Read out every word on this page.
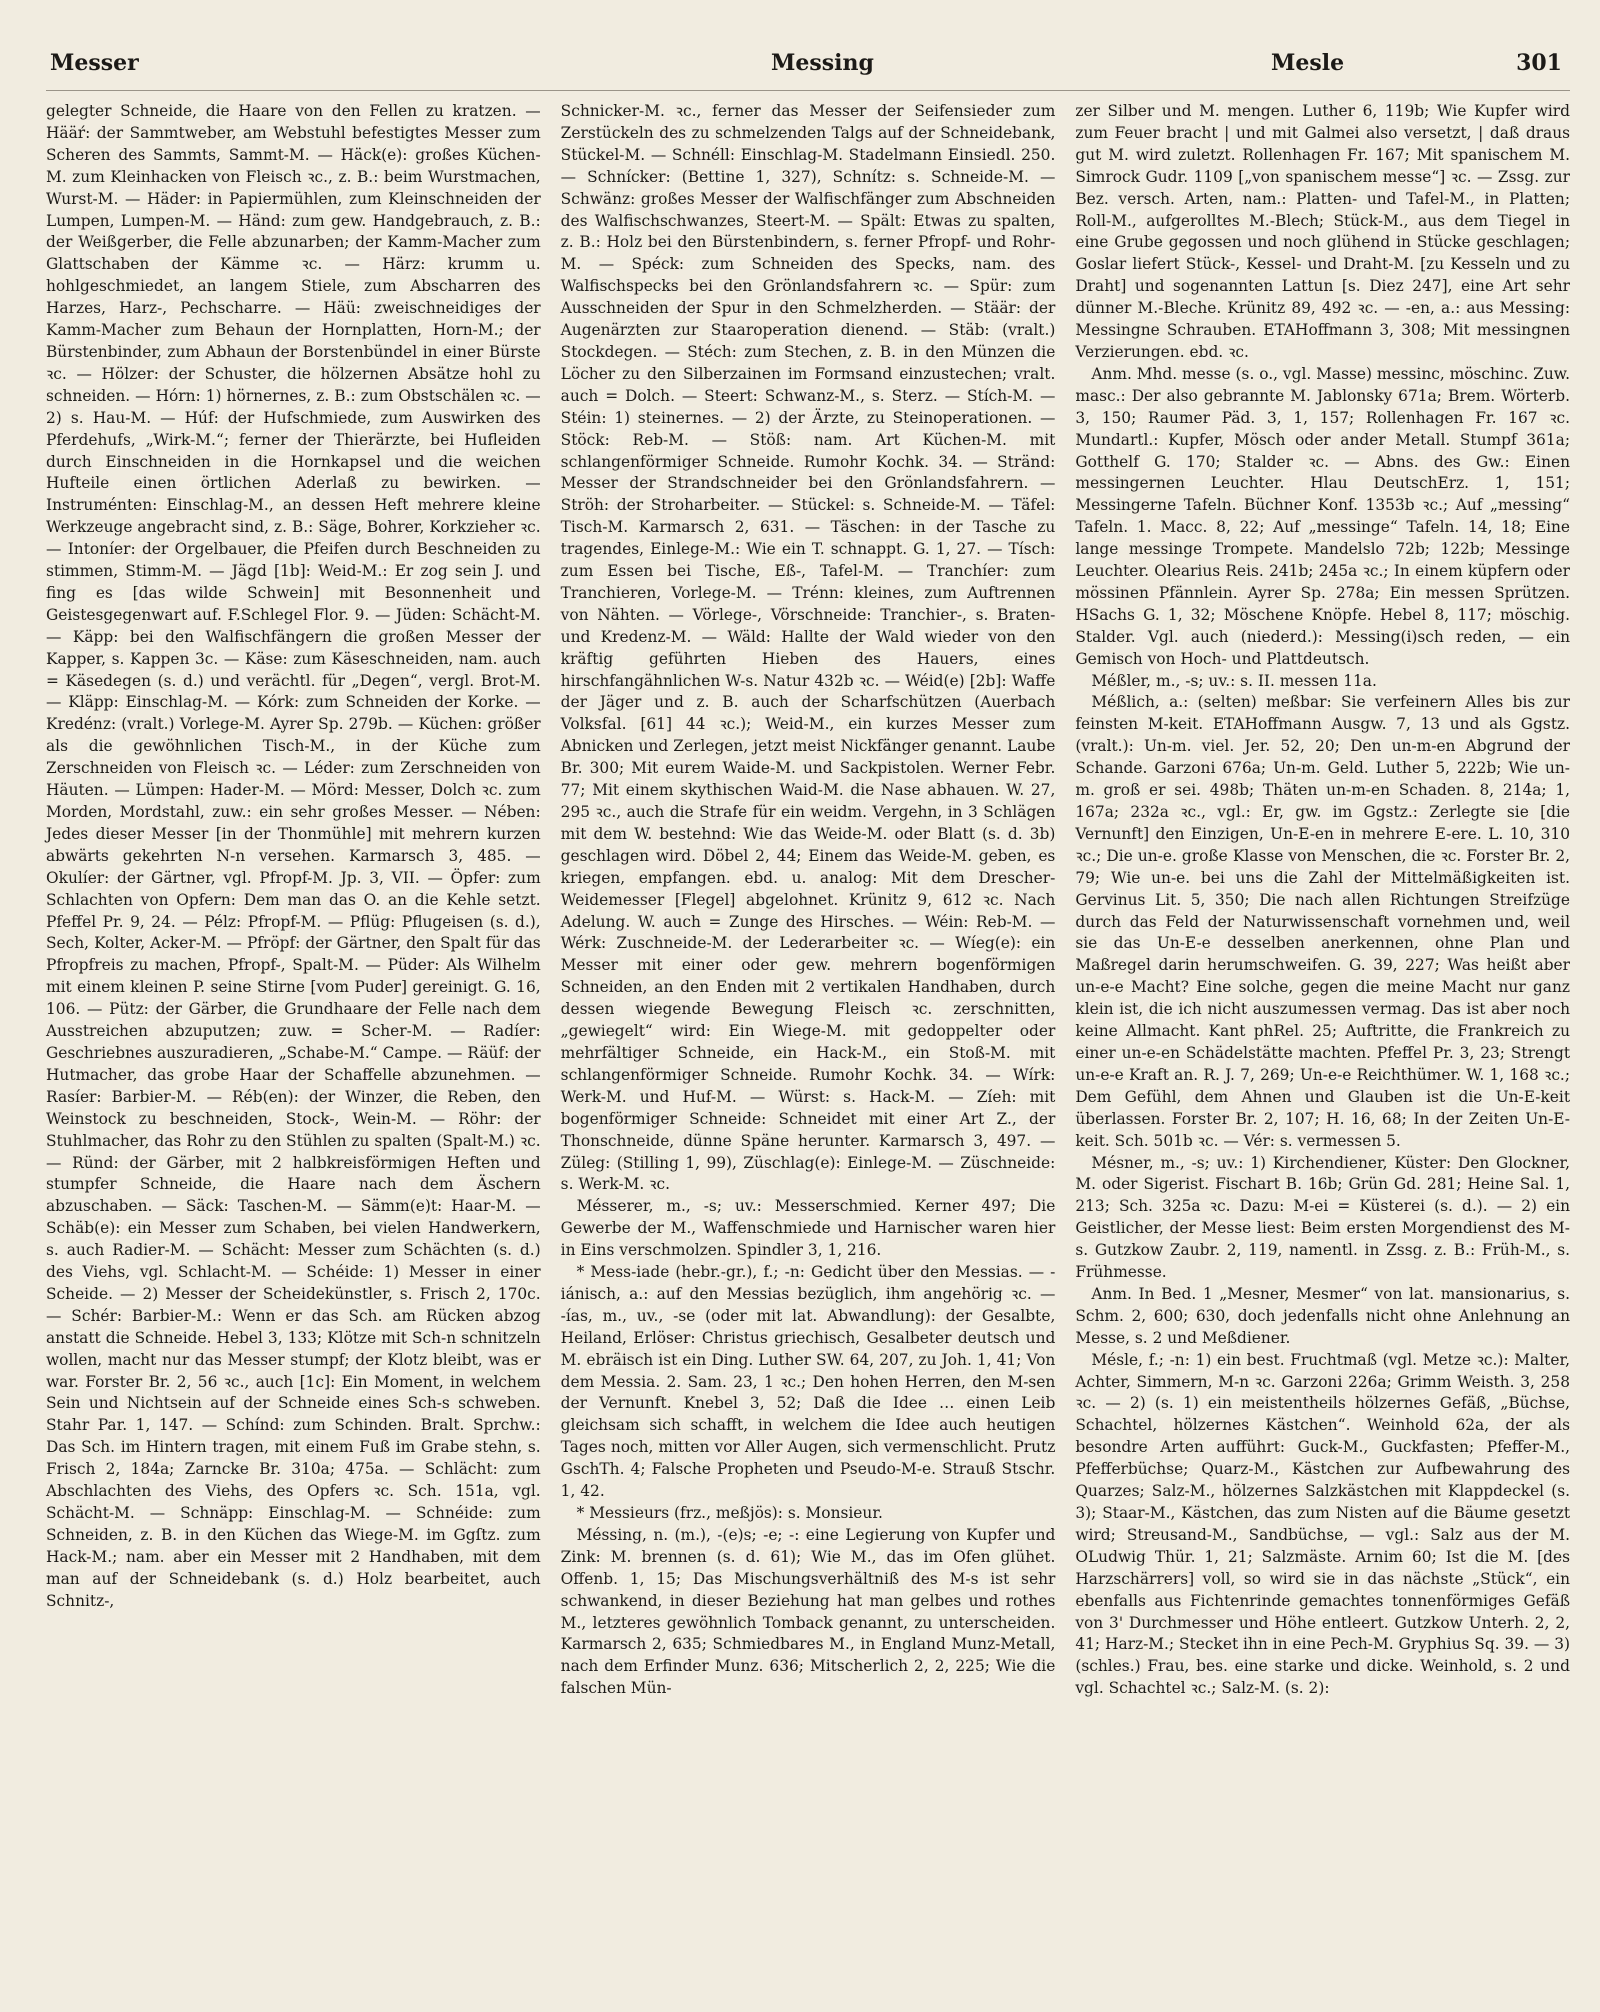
Messer	Messing	Mesle	301

gelegter Schneide, die Haare von den Fellen zu kratzen. — Hääŕ: der Sammtweber, am Webstuhl befestigtes Messer zum Scheren des Sammts, Sammt-M. — Häck(e): großes Küchen-M. zum Kleinhacken von Fleisch ꝛc., z. B.: beim Wurstmachen, Wurst-M. — Häder: in Papiermühlen, zum Kleinschneiden der Lumpen, Lumpen-M. — Händ: zum gew. Handgebrauch, z. B.: der Weißgerber, die Felle abzunarben; der Kamm-Macher zum Glattschaben der Kämme ꝛc. — Härz: krumm u. hohlgeschmiedet, an langem Stiele, zum Abscharren des Harzes, Harz-, Pechscharre. — Häü: zweischneidiges der Kamm-Macher zum Behaun der Hornplatten, Horn-M.; der Bürstenbinder, zum Abhaun der Borstenbündel in einer Bürste ꝛc. — Hölzer: der Schuster, die hölzernen Absätze hohl zu schneiden. — Hórn: 1) hörnernes, z. B.: zum Obstschälen ꝛc. — 2) s. Hau-M. — Húf: der Hufschmiede, zum Auswirken des Pferdehufs, „Wirk-M.“; ferner der Thierärzte, bei Hufleiden durch Einschneiden in die Hornkapsel und die weichen Hufteile einen örtlichen Aderlaß zu bewirken. — Instruménten: Einschlag-M., an dessen Heft mehrere kleine Werkzeuge angebracht sind, z. B.: Säge, Bohrer, Korkzieher ꝛc. — Intoníer: der Orgelbauer, die Pfeifen durch Beschneiden zu stimmen, Stimm-M. — Jägd [1b]: Weid-M.: Er zog sein J. und fing es [das wilde Schwein] mit Besonnenheit und Geistesgegenwart auf. F.Schlegel Flor. 9. — Jüden: Schächt-M. — Käpp: bei den Walfischfängern die großen Messer der Kapper, s. Kappen 3c. — Käse: zum Käseschneiden, nam. auch = Käsedegen (s. d.) und verächtl. für „Degen“, vergl. Brot-M. — Kläpp: Einschlag-M. — Kórk: zum Schneiden der Korke. — Kredénz: (vralt.) Vorlege-M. Ayrer Sp. 279b. — Küchen: größer als die gewöhnlichen Tisch-M., in der Küche zum Zerschneiden von Fleisch ꝛc. — Léder: zum Zerschneiden von Häuten. — Lümpen: Hader-M. — Mörd: Messer, Dolch ꝛc. zum Morden, Mordstahl, zuw.: ein sehr großes Messer. — Nében: Jedes dieser Messer [in der Thonmühle] mit mehrern kurzen abwärts gekehrten N-n versehen. Karmarsch 3, 485. — Okulíer: der Gärtner, vgl. Pfropf-M. Jp. 3, VII. — Öpfer: zum Schlachten von Opfern: Dem man das O. an die Kehle setzt. Pfeffel Pr. 9, 24. — Pélz: Pfropf-M. — Pflüg: Pflugeisen (s. d.), Sech, Kolter, Acker-M. — Pfröpf: der Gärtner, den Spalt für das Pfropfreis zu machen, Pfropf-, Spalt-M. — Püder: Als Wilhelm mit einem kleinen P. seine Stirne [vom Puder] gereinigt. G. 16, 106. — Pütz: der Gärber, die Grundhaare der Felle nach dem Ausstreichen abzuputzen; zuw. = Scher-M. — Radíer: Geschriebnes auszuradieren, „Schabe-M.“ Campe. — Räüf: der Hutmacher, das grobe Haar der Schaffelle abzunehmen. — Rasíer: Barbier-M. — Réb(en): der Winzer, die Reben, den Weinstock zu beschneiden, Stock-, Wein-M. — Röhr: der Stuhlmacher, das Rohr zu den Stühlen zu spalten (Spalt-M.) ꝛc. — Ründ: der Gärber, mit 2 halbkreisförmigen Heften und stumpfer Schneide, die Haare nach dem Äschern abzuschaben. — Säck: Taschen-M. — Sämm(e)t: Haar-M. — Schäb(e): ein Messer zum Schaben, bei vielen Handwerkern, s. auch Radier-M. — Schächt: Messer zum Schächten (s. d.) des Viehs, vgl. Schlacht-M. — Schéide: 1) Messer in einer Scheide. — 2) Messer der Scheidekünstler, s. Frisch 2, 170c. — Schér: Barbier-M.: Wenn er das Sch. am Rücken abzog anstatt die Schneide. Hebel 3, 133; Klötze mit Sch-n schnitzeln wollen, macht nur das Messer stumpf; der Klotz bleibt, was er war. Forster Br. 2, 56 ꝛc., auch [1c]: Ein Moment, in welchem Sein und Nichtsein auf der Schneide eines Sch-s schweben. Stahr Par. 1, 147. — Schínd: zum Schinden. Bralt. Sprchw.: Das Sch. im Hintern tragen, mit einem Fuß im Grabe stehn, s. Frisch 2, 184a; Zarncke Br. 310a; 475a. — Schlächt: zum Abschlachten des Viehs, des Opfers ꝛc. Sch. 151a, vgl. Schächt-M. — Schnäpp: Einschlag-M. — Schnéide: zum Schneiden, z. B. in den Küchen das Wiege-M. im Ggſtz. zum Hack-M.; nam. aber ein Messer mit 2 Handhaben, mit dem man auf der Schneidebank (s. d.) Holz bearbeitet, auch Schnitz-,

Schnicker-M. ꝛc., ferner das Messer der Seifensieder zum Zerstückeln des zu schmelzenden Talgs auf der Schneidebank, Stückel-M. — Schnéll: Einschlag-M. Stadelmann Einsiedl. 250. — Schnícker: (Bettine 1, 327), Schnítz: s. Schneide-M. — Schwänz: großes Messer der Walfischfänger zum Abschneiden des Walfischschwanzes, Steert-M. — Spält: Etwas zu spalten, z. B.: Holz bei den Bürstenbindern, s. ferner Pfropf- und Rohr-M. — Spéck: zum Schneiden des Specks, nam. des Walfischspecks bei den Grönlandsfahrern ꝛc. — Spür: zum Ausschneiden der Spur in den Schmelzherden. — Stäär: der Augenärzten zur Staaroperation dienend. — Stäb: (vralt.) Stockdegen. — Stéch: zum Stechen, z. B. in den Münzen die Löcher zu den Silberzainen im Formsand einzustechen; vralt. auch = Dolch. — Steert: Schwanz-M., s. Sterz. — Stích-M. — Stéin: 1) steinernes. — 2) der Ärzte, zu Steinoperationen. — Stöck: Reb-M. — Stöß: nam. Art Küchen-M. mit schlangenförmiger Schneide. Rumohr Kochk. 34. — Stränd: Messer der Strandschneider bei den Grönlandsfahrern. — Ströh: der Stroharbeiter. — Stückel: s. Schneide-M. — Täfel: Tisch-M. Karmarsch 2, 631. — Täschen: in der Tasche zu tragendes, Einlege-M.: Wie ein T. schnappt. G. 1, 27. — Tísch: zum Essen bei Tische, Eß-, Tafel-M. — Tranchíer: zum Tranchieren, Vorlege-M. — Trénn: kleines, zum Auftrennen von Nähten. — Vörlege-, Vörschneide: Tranchier-, s. Braten- und Kredenz-M. — Wäld: Hallte der Wald wieder von den kräftig geführten Hieben des Hauers, eines hirschfangähnlichen W-s. Natur 432b ꝛc. — Wéid(e) [2b]: Waffe der Jäger und z. B. auch der Scharfschützen (Auerbach Volksfal. [61] 44 ꝛc.); Weid-M., ein kurzes Messer zum Abnicken und Zerlegen, jetzt meist Nickfänger genannt. Laube Br. 300; Mit eurem Waide-M. und Sackpistolen. Werner Febr. 77; Mit einem skythischen Waid-M. die Nase abhauen. W. 27, 295 ꝛc., auch die Strafe für ein weidm. Vergehn, in 3 Schlägen mit dem W. bestehnd: Wie das Weide-M. oder Blatt (s. d. 3b) geschlagen wird. Döbel 2, 44; Einem das Weide-M. geben, es kriegen, empfangen. ebd. u. analog: Mit dem Drescher-Weidemesser [Flegel] abgelohnet. Krünitz 9, 612 ꝛc. Nach Adelung. W. auch = Zunge des Hirsches. — Wéin: Reb-M. — Wérk: Zuschneide-M. der Lederarbeiter ꝛc. — Wíeg(e): ein Messer mit einer oder gew. mehrern bogenförmigen Schneiden, an den Enden mit 2 vertikalen Handhaben, durch dessen wiegende Bewegung Fleisch ꝛc. zerschnitten, „gewiegelt“ wird: Ein Wiege-M. mit gedoppelter oder mehrfältiger Schneide, ein Hack-M., ein Stoß-M. mit schlangenförmiger Schneide. Rumohr Kochk. 34. — Wírk: Werk-M. und Huf-M. — Würst: s. Hack-M. — Zíeh: mit bogenförmiger Schneide: Schneidet mit einer Art Z., der Thonschneide, dünne Späne herunter. Karmarsch 3, 497. — Züleg: (Stilling 1, 99), Züschlag(e): Einlege-M. — Züschneide: s. Werk-M. ꝛc.

Mésserer, m., -s; uv.: Messerschmied. Kerner 497; Die Gewerbe der M., Waffenschmiede und Harnischer waren hier in Eins verschmolzen. Spindler 3, 1, 216.

* Mess-iade (hebr.-gr.), f.; -n: Gedicht über den Messias. — -iánisch, a.: auf den Messias bezüglich, ihm angehörig ꝛc. — -ías, m., uv., -se (oder mit lat. Abwandlung): der Gesalbte, Heiland, Erlöser: Christus griechisch, Gesalbeter deutsch und M. ebräisch ist ein Ding. Luther SW. 64, 207, zu Joh. 1, 41; Von dem Messia. 2. Sam. 23, 1 ꝛc.; Den hohen Herren, den M-sen der Vernunft. Knebel 3, 52; Daß die Idee … einen Leib gleichsam sich schafft, in welchem die Idee auch heutigen Tages noch, mitten vor Aller Augen, sich vermenschlicht. Prutz GschTh. 4; Falsche Propheten und Pseudo-M-e. Strauß Stschr. 1, 42.

* Messieurs (frz., meßjös): s. Monsieur.

Méssing, n. (m.), -(e)s; -e; -: eine Legierung von Kupfer und Zink: M. brennen (s. d. 61); Wie M., das im Ofen glühet. Offenb. 1, 15; Das Mischungsverhältniß des M-s ist sehr schwankend, in dieser Beziehung hat man gelbes und rothes M., letzteres gewöhnlich Tomback genannt, zu unterscheiden. Karmarsch 2, 635; Schmiedbares M., in England Munz-Metall, nach dem Erfinder Munz. 636; Mitscherlich 2, 2, 225; Wie die falschen Mün-

zer Silber und M. mengen. Luther 6, 119b; Wie Kupfer wird zum Feuer bracht | und mit Galmei also versetzt, | daß draus gut M. wird zuletzt. Rollenhagen Fr. 167; Mit spanischem M. Simrock Gudr. 1109 [„von spanischem messe“] ꝛc. — Zssg. zur Bez. versch. Arten, nam.: Platten- und Tafel-M., in Platten; Roll-M., aufgerolltes M.-Blech; Stück-M., aus dem Tiegel in eine Grube gegossen und noch glühend in Stücke geschlagen; Goslar liefert Stück-, Kessel- und Draht-M. [zu Kesseln und zu Draht] und sogenannten Lattun [s. Diez 247], eine Art sehr dünner M.-Bleche. Krünitz 89, 492 ꝛc. — -en, a.: aus Messing: Messingne Schrauben. ETAHoffmann 3, 308; Mit messingnen Verzierungen. ebd. ꝛc.

Anm. Mhd. messe (s. o., vgl. Masse) messinc, möschinc. Zuw. masc.: Der also gebrannte M. Jablonsky 671a; Brem. Wörterb. 3, 150; Raumer Päd. 3, 1, 157; Rollenhagen Fr. 167 ꝛc. Mundartl.: Kupfer, Mösch oder ander Metall. Stumpf 361a; Gotthelf G. 170; Stalder ꝛc. — Abns. des Gw.: Einen messingernen Leuchter. Hlau DeutschErz. 1, 151; Messingerne Tafeln. Büchner Konf. 1353b ꝛc.; Auf „messing“ Tafeln. 1. Macc. 8, 22; Auf „messinge“ Tafeln. 14, 18; Eine lange messinge Trompete. Mandelslo 72b; 122b; Messinge Leuchter. Olearius Reis. 241b; 245a ꝛc.; In einem küpfern oder mössinen Pfännlein. Ayrer Sp. 278a; Ein messen Sprützen. HSachs G. 1, 32; Möschene Knöpfe. Hebel 8, 117; möschig. Stalder. Vgl. auch (niederd.): Messing(i)sch reden, — ein Gemisch von Hoch- und Plattdeutsch.

Méßler, m., -s; uv.: s. II. messen 11a.

Méßlich, a.: (selten) meßbar: Sie verfeinern Alles bis zur feinsten M-keit. ETAHoffmann Ausgw. 7, 13 und als Ggstz. (vralt.): Un-m. viel. Jer. 52, 20; Den un-m-en Abgrund der Schande. Garzoni 676a; Un-m. Geld. Luther 5, 222b; Wie un-m. groß er sei. 498b; Thäten un-m-en Schaden. 8, 214a; 1, 167a; 232a ꝛc., vgl.: Er, gw. im Ggstz.: Zerlegte sie [die Vernunft] den Einzigen, Un-E-en in mehrere E-ere. L. 10, 310 ꝛc.; Die un-e. große Klasse von Menschen, die ꝛc. Forster Br. 2, 79; Wie un-e. bei uns die Zahl der Mittelmäßigkeiten ist. Gervinus Lit. 5, 350; Die nach allen Richtungen Streifzüge durch das Feld der Naturwissenschaft vornehmen und, weil sie das Un-E-e desselben anerkennen, ohne Plan und Maßregel darin herumschweifen. G. 39, 227; Was heißt aber un-e-e Macht? Eine solche, gegen die meine Macht nur ganz klein ist, die ich nicht auszumessen vermag. Das ist aber noch keine Allmacht. Kant phRel. 25; Auftritte, die Frankreich zu einer un-e-en Schädelstätte machten. Pfeffel Pr. 3, 23; Strengt un-e-e Kraft an. R. J. 7, 269; Un-e-e Reichthümer. W. 1, 168 ꝛc.; Dem Gefühl, dem Ahnen und Glauben ist die Un-E-keit überlassen. Forster Br. 2, 107; H. 16, 68; In der Zeiten Un-E-keit. Sch. 501b ꝛc. — Vér: s. vermessen 5.

Mésner, m., -s; uv.: 1) Kirchendiener, Küster: Den Glockner, M. oder Sigerist. Fischart B. 16b; Grün Gd. 281; Heine Sal. 1, 213; Sch. 325a ꝛc. Dazu: M-ei = Küsterei (s. d.). — 2) ein Geistlicher, der Messe liest: Beim ersten Morgendienst des M-s. Gutzkow Zaubr. 2, 119, namentl. in Zssg. z. B.: Früh-M., s. Frühmesse.

Anm. In Bed. 1 „Mesner, Mesmer“ von lat. mansionarius, s. Schm. 2, 600; 630, doch jedenfalls nicht ohne Anlehnung an Messe, s. 2 und Meßdiener.

Mésle, f.; -n: 1) ein best. Fruchtmaß (vgl. Metze ꝛc.): Malter, Achter, Simmern, M-n ꝛc. Garzoni 226a; Grimm Weisth. 3, 258 ꝛc. — 2) (s. 1) ein meistentheils hölzernes Gefäß, „Büchse, Schachtel, hölzernes Kästchen“. Weinhold 62a, der als besondre Arten aufführt: Guck-M., Guckfasten; Pfeffer-M., Pfefferbüchse; Quarz-M., Kästchen zur Aufbewahrung des Quarzes; Salz-M., hölzernes Salzkästchen mit Klappdeckel (s. 3); Staar-M., Kästchen, das zum Nisten auf die Bäume gesetzt wird; Streusand-M., Sandbüchse, — vgl.: Salz aus der M. OLudwig Thür. 1, 21; Salzmäste. Arnim 60; Ist die M. [des Harzschärrers] voll, so wird sie in das nächste „Stück“, ein ebenfalls aus Fichtenrinde gemachtes tonnenförmiges Gefäß von 3' Durchmesser und Höhe entleert. Gutzkow Unterh. 2, 2, 41; Harz-M.; Stecket ihn in eine Pech-M. Gryphius Sq. 39. — 3) (schles.) Frau, bes. eine starke und dicke. Weinhold, s. 2 und vgl. Schachtel ꝛc.; Salz-M. (s. 2):
